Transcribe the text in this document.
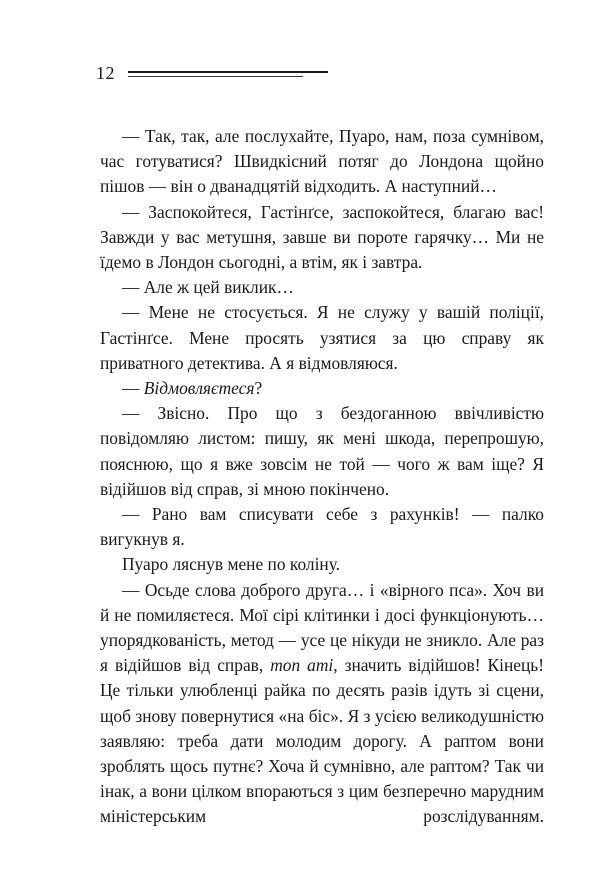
12

— Так, так, але послухайте, Пуаро, нам, поза сумнівом, час готуватися? Швидкісний потяг до Лондона щойно пішов — він о дванадцятій відходить. А наступний…

— Заспокойтеся, Гастінґсе, заспокойтеся, благаю вас! Завжди у вас метушня, завше ви пороте гарячку… Ми не їдемо в Лондон сьогодні, а втім, як і завтра.

— Але ж цей виклик…

— Мене не стосується. Я не служу у вашій поліції, Гастінґсе. Мене просять узятися за цю справу як приватного детектива. А я відмовляюся.

— Відмовляєтеся?

— Звісно. Про що з бездоганною ввічливістю повідомляю листом: пишу, як мені шкода, перепрошую, пояснюю, що я вже зовсім не той — чого ж вам іще? Я відійшов від справ, зі мною покінчено.

— Рано вам списувати себе з рахунків! — палко вигукнув я.

Пуаро ляснув мене по коліну.

— Осьде слова доброго друга… і «вірного пса». Хоч ви й не помиляєтеся. Мої сірі клітинки і досі функціонують… упорядкованість, метод — усе це нікуди не зникло. Але раз я відійшов від справ, mon ami, значить відійшов! Кінець! Це тільки улюбленці райка по десять разів ідуть зі сцени, щоб знову повернутися «на біс». Я з усією великодушністю заявляю: треба дати молодим дорогу. А раптом вони зроблять щось путнє? Хоча й сумнівно, але раптом? Так чи інак, а вони цілком впораються з цим безперечно марудним міністерським розслідуванням.
